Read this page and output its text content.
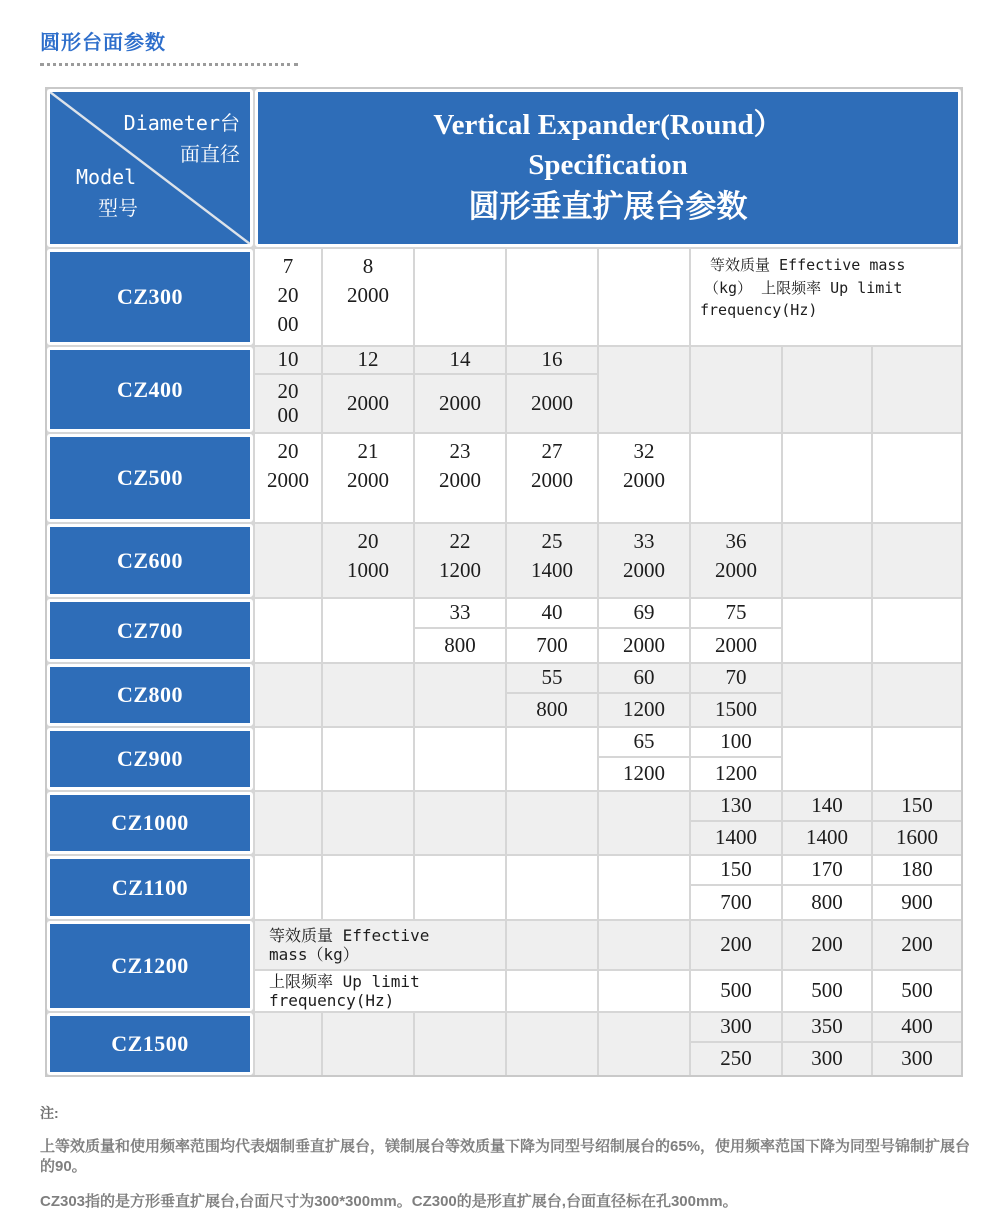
圆形台面参数
Diameter台
面直径
Model
型号
Vertical Expander(Round）
Specification
圆形垂直扩展台参数
CZ300
7
2000
8
2000
等效质量 Effective mass
（kg） 上限频率 Up limit
frequency(Hz)
CZ400
10
2000
12
2000
14
2000
16
2000
CZ500
20
2000
21
2000
23
2000
27
2000
32
2000
CZ600
20
1000
22
1200
25
1400
33
2000
36
2000
CZ700
33
800
40
700
69
2000
75
2000
CZ800
55
800
60
1200
70
1500
CZ900
65
1200
100
1200
CZ1000
130
1400
140
1400
150
1600
CZ1100
150
700
170
800
180
900
CZ1200
等效质量 Effective
mass（kg）
上限频率 Up limit
frequency(Hz)
200
500
200
500
200
500
CZ1500
300
250
350
300
400
300
注:
上等效质量和使用频率范围均代表烟制垂直扩展台，镁制展台等效质量下降为同型号绍制展台的65%，使用频率范国下降为同型号锦制扩展台的90。
CZ303指的是方形垂直扩展台,台面尺寸为300*300mm。CZ300的是形直扩展台,台面直径标在孔300mm。
